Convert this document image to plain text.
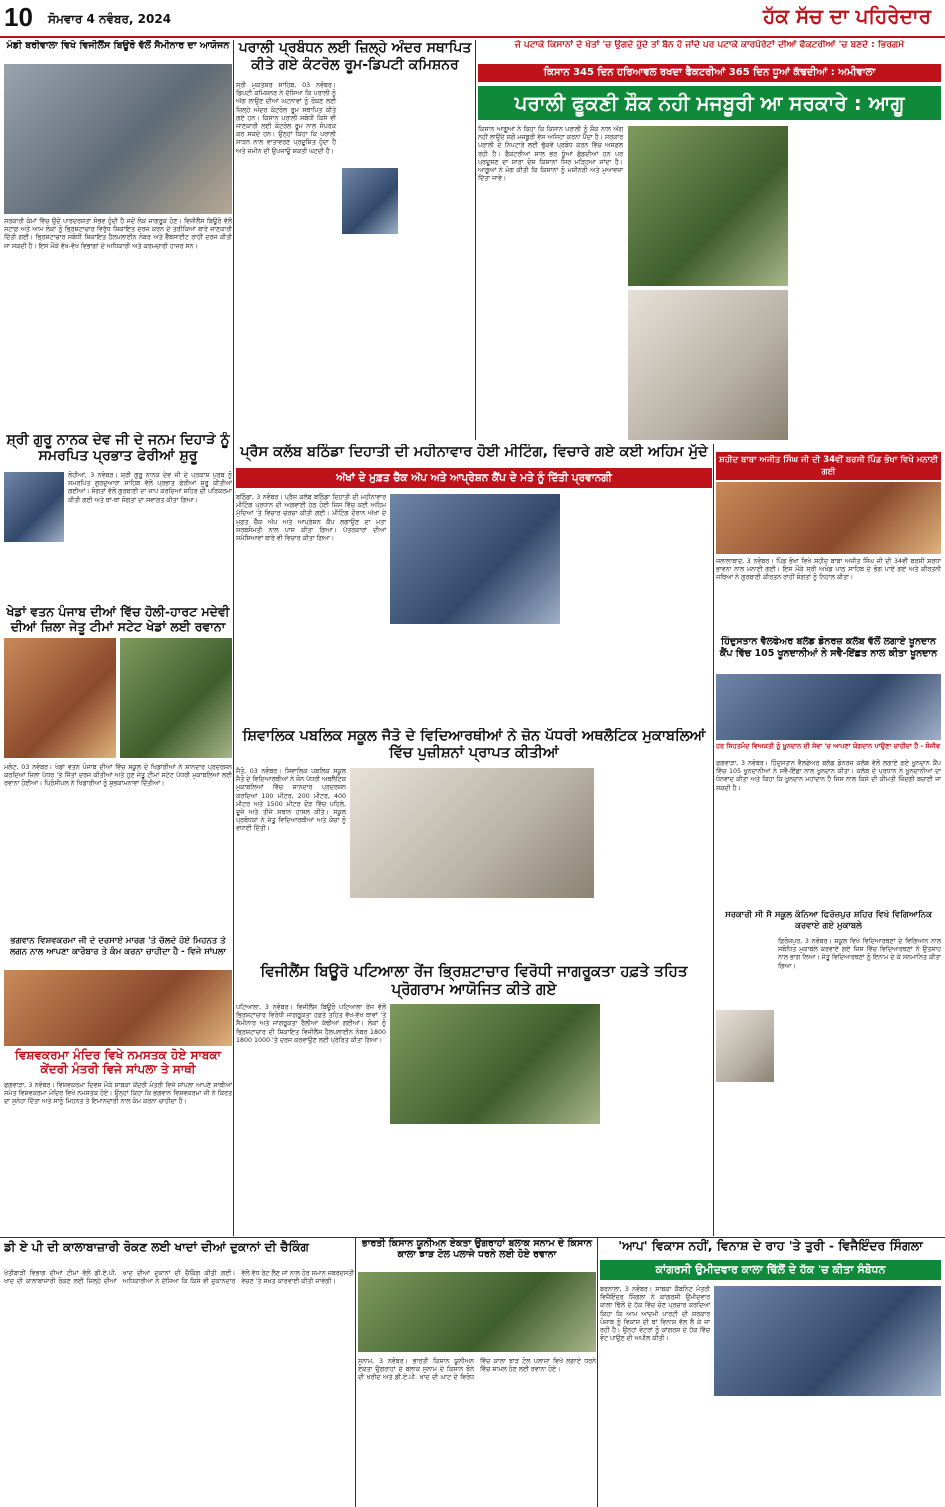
10 ਸੋਮਵਾਰ 4 ਨਵੰਬਰ, 2024	ਹੱਕ ਸੱਚ ਦਾ ਪਹਿਰੇਦਾਰ
ਮੰਡੀ ਬਰੀਵਾਲਾ ਵਿਖੇ ਵਿਜੀਲੈਂਸ ਬਿਊਰੋ ਵੱਲੋਂ ਸੈਮੀਨਾਰ ਦਾ ਆਯੋਜਨ
ਸਰਕਾਰੀ ਕੰਮਾਂ ਵਿੱਚ ਉਦੋਂ ਪਾਰਦਰਸ਼ਤਾ ਸੰਭਵ ਹੁੰਦੀ ਹੈ ਜਦੋਂ ਲੋਕ ਜਾਗਰੂਕ ਹੋਣ। ਵਿਜੀਲੈਂਸ ਬਿਊਰੋ ਵੱਲੋਂ ਸਟਾਫ਼ ਅਤੇ ਆਮ ਲੋਕਾਂ ਨੂੰ ਭ੍ਰਿਸ਼ਟਾਚਾਰ ਵਿਰੁੱਧ ਸ਼ਿਕਾਇਤ ਦਰਜ ਕਰਨ ਦੇ ਤਰੀਕਿਆਂ ਬਾਰੇ ਜਾਣਕਾਰੀ ਦਿੱਤੀ ਗਈ। ਭ੍ਰਿਸ਼ਟਾਚਾਰ ਸਬੰਧੀ ਸ਼ਿਕਾਇਤ ਹੈਲਪਲਾਈਨ ਨੰਬਰ ਅਤੇ ਵੈੱਬਸਾਈਟ ਰਾਹੀਂ ਦਰਜ ਕੀਤੀ ਜਾ ਸਕਦੀ ਹੈ। ਇਸ ਮੌਕੇ ਵੱਖ-ਵੱਖ ਵਿਭਾਗਾਂ ਦੇ ਅਧਿਕਾਰੀ ਅਤੇ ਕਰਮਚਾਰੀ ਹਾਜ਼ਰ ਸਨ।
ਪਰਾਲੀ ਪ੍ਰਬੰਧਨ ਲਈ ਜ਼ਿਲ੍ਹੇ ਅੰਦਰ ਸਥਾਪਿਤ ਕੀਤੇ ਗਏ ਕੰਟਰੋਲ ਰੂਮ-ਡਿਪਟੀ ਕਮਿਸ਼ਨਰ
ਸ੍ਰੀ ਮੁਕਤਸਰ ਸਾਹਿਬ, 03 ਨਵੰਬਰ। ਡਿਪਟੀ ਕਮਿਸ਼ਨਰ ਨੇ ਦੱਸਿਆ ਕਿ ਪਰਾਲੀ ਨੂੰ ਅੱਗ ਲਾਉਣ ਦੀਆਂ ਘਟਨਾਵਾਂ ਨੂੰ ਰੋਕਣ ਲਈ ਜ਼ਿਲ੍ਹੇ ਅੰਦਰ ਕੰਟਰੋਲ ਰੂਮ ਸਥਾਪਿਤ ਕੀਤੇ ਗਏ ਹਨ। ਕਿਸਾਨ ਪਰਾਲੀ ਸਬੰਧੀ ਕਿਸੇ ਵੀ ਜਾਣਕਾਰੀ ਲਈ ਕੰਟਰੋਲ ਰੂਮ ਨਾਲ ਸੰਪਰਕ ਕਰ ਸਕਦੇ ਹਨ। ਉਨ੍ਹਾਂ ਕਿਹਾ ਕਿ ਪਰਾਲੀ ਸਾੜਨ ਨਾਲ ਵਾਤਾਵਰਣ ਪ੍ਰਦੂਸ਼ਿਤ ਹੁੰਦਾ ਹੈ ਅਤੇ ਜ਼ਮੀਨ ਦੀ ਉਪਜਾਊ ਸ਼ਕਤੀ ਘਟਦੀ ਹੈ।
ਜੇ ਪਟਾਕੇ ਕਿਸਾਨਾਂ ਦੇ ਖੇਤਾਂ 'ਚ ਉਗਦੇ ਹੁੰਦੇ ਤਾਂ ਬੈਨ ਹੋ ਜਾਂਦੇ ਪਰ ਪਟਾਕੇ ਕਾਰਪੋਰੇਟਾਂ ਦੀਆਂ ਫੈਕਟਰੀਆਂ 'ਚ ਬਣਦੇ : ਭਿਰਗਮੇ
ਕਿਸਾਨ 345 ਦਿਨ ਹਰਿਆਵਲ ਰਖਦਾ ਫੈਕਟਰੀਆਂ 365 ਦਿਨ ਧੂਆਂ ਕੱਢਦੀਆਂ : ਅਮੀਵਾਲਾ
ਪਰਾਲੀ ਫੂਕਣੀ ਸ਼ੌਕ ਨਹੀ ਮਜਬੂਰੀ ਆ ਸਰਕਾਰੇ : ਆਗੂ
ਕਿਸਾਨ ਆਗੂਆਂ ਨੇ ਕਿਹਾ ਕਿ ਕਿਸਾਨ ਪਰਾਲੀ ਨੂੰ ਸ਼ੌਕ ਨਾਲ ਅੱਗ ਨਹੀਂ ਲਾਉਂਦੇ ਸਗੋਂ ਮਜਬੂਰੀ ਵੱਸ ਅਜਿਹਾ ਕਰਨਾ ਪੈਂਦਾ ਹੈ। ਸਰਕਾਰ ਪਰਾਲੀ ਦੇ ਨਿਪਟਾਰੇ ਲਈ ਢੁੱਕਵੇਂ ਪ੍ਰਬੰਧ ਕਰਨ ਵਿੱਚ ਅਸਫ਼ਲ ਰਹੀ ਹੈ। ਫੈਕਟਰੀਆਂ ਸਾਲ ਭਰ ਧੂੰਆਂ ਛੱਡਦੀਆਂ ਹਨ ਪਰ ਪ੍ਰਦੂਸ਼ਣ ਦਾ ਸਾਰਾ ਦੋਸ਼ ਕਿਸਾਨਾਂ ਸਿਰ ਮੜ੍ਹਿਆ ਜਾਂਦਾ ਹੈ। ਆਗੂਆਂ ਨੇ ਮੰਗ ਕੀਤੀ ਕਿ ਕਿਸਾਨਾਂ ਨੂੰ ਮਸ਼ੀਨਰੀ ਅਤੇ ਮੁਆਵਜ਼ਾ ਦਿੱਤਾ ਜਾਵੇ।
ਸ਼੍ਰੀ ਗੁਰੂ ਨਾਨਕ ਦੇਵ ਜੀ ਦੇ ਜਨਮ ਦਿਹਾੜੇ ਨੂੰ ਸਮਰਪਿਤ ਪ੍ਰਭਾਤ ਫੇਰੀਆਂ ਸ਼ੁਰੂ
ਲੋਹੀਆਂ, 3 ਨਵੰਬਰ। ਸ਼੍ਰੀ ਗੁਰੂ ਨਾਨਕ ਦੇਵ ਜੀ ਦੇ ਪ੍ਰਕਾਸ਼ ਪੁਰਬ ਨੂੰ ਸਮਰਪਿਤ ਗੁਰਦੁਆਰਾ ਸਾਹਿਬ ਵੱਲੋਂ ਪ੍ਰਭਾਤ ਫੇਰੀਆਂ ਸ਼ੁਰੂ ਕੀਤੀਆਂ ਗਈਆਂ। ਸੰਗਤਾਂ ਵੱਲੋਂ ਗੁਰਬਾਣੀ ਦਾ ਜਾਪ ਕਰਦਿਆਂ ਸ਼ਹਿਰ ਦੀ ਪਰਿਕਰਮਾ ਕੀਤੀ ਗਈ ਅਤੇ ਥਾਂ-ਥਾਂ ਸੰਗਤਾਂ ਦਾ ਸਵਾਗਤ ਕੀਤਾ ਗਿਆ।
ਖੇਡਾਂ ਵਤਨ ਪੰਜਾਬ ਦੀਆਂ ਵਿੱਚ ਹੋਲੀ-ਹਾਰਟ ਮਦੇਵੀ ਦੀਆਂ ਜ਼ਿਲਾ ਜੇਤੂ ਟੀਮਾਂ ਸਟੇਟ ਖੇਡਾਂ ਲਈ ਰਵਾਨਾ
ਮਲੋਟ, 03 ਨਵੰਬਰ। ਖੇਡਾਂ ਵਤਨ ਪੰਜਾਬ ਦੀਆਂ ਵਿੱਚ ਸਕੂਲ ਦੇ ਖਿਡਾਰੀਆਂ ਨੇ ਸ਼ਾਨਦਾਰ ਪ੍ਰਦਰਸ਼ਨ ਕਰਦਿਆਂ ਜ਼ਿਲਾ ਪੱਧਰ 'ਤੇ ਜਿੱਤਾਂ ਦਰਜ ਕੀਤੀਆਂ ਅਤੇ ਹੁਣ ਜੇਤੂ ਟੀਮਾਂ ਸਟੇਟ ਪੱਧਰੀ ਮੁਕਾਬਲਿਆਂ ਲਈ ਰਵਾਨਾ ਹੋਈਆਂ। ਪ੍ਰਿੰਸੀਪਲ ਨੇ ਖਿਡਾਰੀਆਂ ਨੂੰ ਸ਼ੁਭਕਾਮਨਾਵਾਂ ਦਿੱਤੀਆਂ।
ਭਗਵਾਨ ਵਿਸ਼ਵਕਰਮਾ ਜੀ ਦੇ ਦਰਸਾਏ ਮਾਰਗ 'ਤੇ ਚੱਲਦੇ ਹੋਏ ਮਿਹਨਤ ਤੇ ਲਗਨ ਨਾਲ ਆਪਣਾ ਕਾਰੋਬਾਰ ਤੇ ਕੰਮ ਕਰਨਾ ਚਾਹੀਦਾ ਹੈ - ਵਿਜੇ ਸਾਂਪਲਾ
ਵਿਸ਼ਵਕਰਮਾ ਮੰਦਿਰ ਵਿਖੇ ਨਮਸਤਕ ਹੋਏ ਸਾਬਕਾ ਕੇਂਦਰੀ ਮੰਤਰੀ ਵਿਜੇ ਸਾਂਪਲਾ ਤੇ ਸਾਥੀ
ਫਗਵਾੜਾ, 3 ਨਵੰਬਰ। ਵਿਸ਼ਵਕਰਮਾ ਦਿਵਸ ਮੌਕੇ ਸਾਬਕਾ ਕੇਂਦਰੀ ਮੰਤਰੀ ਵਿਜੇ ਸਾਂਪਲਾ ਆਪਣੇ ਸਾਥੀਆਂ ਸਮੇਤ ਵਿਸ਼ਵਕਰਮਾ ਮੰਦਿਰ ਵਿਖੇ ਨਮਸਤਕ ਹੋਏ। ਉਨ੍ਹਾਂ ਕਿਹਾ ਕਿ ਭਗਵਾਨ ਵਿਸ਼ਵਕਰਮਾ ਜੀ ਨੇ ਕਿਰਤ ਦਾ ਸੁਨੇਹਾ ਦਿੱਤਾ ਅਤੇ ਸਾਨੂੰ ਮਿਹਨਤ ਤੇ ਇਮਾਨਦਾਰੀ ਨਾਲ ਕੰਮ ਕਰਨਾ ਚਾਹੀਦਾ ਹੈ।
ਡੀ ਏ ਪੀ ਦੀ ਕਾਲਾਬਾਜ਼ਾਰੀ ਰੋਕਣ ਲਈ ਖਾਦਾਂ ਦੀਆਂ ਦੁਕਾਨਾਂ ਦੀ ਚੈਕਿੰਗ
ਖੇਤੀਬਾੜੀ ਵਿਭਾਗ ਦੀਆਂ ਟੀਮਾਂ ਵੱਲੋਂ ਡੀ.ਏ.ਪੀ. ਖਾਦ ਦੀ ਕਾਲਾਬਾਜ਼ਾਰੀ ਰੋਕਣ ਲਈ ਜ਼ਿਲ੍ਹੇ ਦੀਆਂ ਖਾਦ ਦੀਆਂ ਦੁਕਾਨਾਂ ਦੀ ਚੈਕਿੰਗ ਕੀਤੀ ਗਈ। ਅਧਿਕਾਰੀਆਂ ਨੇ ਦੱਸਿਆ ਕਿ ਕਿਸੇ ਵੀ ਦੁਕਾਨਦਾਰ ਵੱਲੋਂ ਵੱਧ ਰੇਟ ਲੈਣ ਜਾਂ ਨਾਲ ਹੋਰ ਸਮਾਨ ਜ਼ਬਰਦਸਤੀ ਵੇਚਣ 'ਤੇ ਸਖ਼ਤ ਕਾਰਵਾਈ ਕੀਤੀ ਜਾਵੇਗੀ।
ਪ੍ਰੈਸ ਕਲੱਬ ਬਠਿੰਡਾ ਦਿਹਾਤੀ ਦੀ ਮਹੀਨਾਵਾਰ ਹੋਈ ਮੀਟਿੰਗ, ਵਿਚਾਰੇ ਗਏ ਕਈ ਅਹਿਮ ਮੁੱਦੇ
ਅੱਖਾਂ ਦੇ ਮੁਫ਼ਤ ਚੈੱਕ ਅੱਪ ਅਤੇ ਆਪ੍ਰੇਸ਼ਨ ਕੈਂਪ ਦੇ ਮਤੇ ਨੂੰ ਦਿੱਤੀ ਪ੍ਰਵਾਨਗੀ
ਬਠਿੰਡਾ, 3 ਨਵੰਬਰ। ਪ੍ਰੈਸ ਕਲੱਬ ਬਠਿੰਡਾ ਦਿਹਾਤੀ ਦੀ ਮਹੀਨਾਵਾਰ ਮੀਟਿੰਗ ਪ੍ਰਧਾਨ ਦੀ ਅਗਵਾਈ ਹੇਠ ਹੋਈ ਜਿਸ ਵਿੱਚ ਕਈ ਅਹਿਮ ਮੁੱਦਿਆਂ 'ਤੇ ਵਿਚਾਰ ਚਰਚਾ ਕੀਤੀ ਗਈ। ਮੀਟਿੰਗ ਦੌਰਾਨ ਅੱਖਾਂ ਦੇ ਮੁਫ਼ਤ ਚੈੱਕ ਅੱਪ ਅਤੇ ਆਪ੍ਰੇਸ਼ਨ ਕੈਂਪ ਲਗਾਉਣ ਦਾ ਮਤਾ ਸਰਬਸੰਮਤੀ ਨਾਲ ਪਾਸ ਕੀਤਾ ਗਿਆ। ਪੱਤਰਕਾਰਾਂ ਦੀਆਂ ਸਮੱਸਿਆਵਾਂ ਬਾਰੇ ਵੀ ਵਿਚਾਰ ਕੀਤਾ ਗਿਆ।
ਸ਼ਿਵਾਲਿਕ ਪਬਲਿਕ ਸਕੂਲ ਜੈਤੋ ਦੇ ਵਿਦਿਆਰਥੀਆਂ ਨੇ ਜ਼ੋਨ ਪੱਧਰੀ ਅਥਲੈਟਿਕ ਮੁਕਾਬਲਿਆਂ ਵਿੱਚ ਪੁਜ਼ੀਸ਼ਨਾਂ ਪ੍ਰਾਪਤ ਕੀਤੀਆਂ
ਜੈਤੋ, 03 ਨਵੰਬਰ। ਸ਼ਿਵਾਲਿਕ ਪਬਲਿਕ ਸਕੂਲ ਜੈਤੋ ਦੇ ਵਿਦਿਆਰਥੀਆਂ ਨੇ ਜ਼ੋਨ ਪੱਧਰੀ ਅਥਲੈਟਿਕ ਮੁਕਾਬਲਿਆਂ ਵਿੱਚ ਸ਼ਾਨਦਾਰ ਪ੍ਰਦਰਸ਼ਨ ਕਰਦਿਆਂ 100 ਮੀਟਰ, 200 ਮੀਟਰ, 400 ਮੀਟਰ ਅਤੇ 1500 ਮੀਟਰ ਦੌੜ ਵਿੱਚ ਪਹਿਲੇ, ਦੂਜੇ ਅਤੇ ਤੀਜੇ ਸਥਾਨ ਹਾਸਲ ਕੀਤੇ। ਸਕੂਲ ਪ੍ਰਬੰਧਕਾਂ ਨੇ ਜੇਤੂ ਵਿਦਿਆਰਥੀਆਂ ਅਤੇ ਕੋਚਾਂ ਨੂੰ ਵਧਾਈ ਦਿੱਤੀ।
ਵਿਜੀਲੈਂਸ ਬਿਊਰੋ ਪਟਿਆਲਾ ਰੇਂਜ ਭ੍ਰਿਸ਼ਟਾਚਾਰ ਵਿਰੋਧੀ ਜਾਗਰੂਕਤਾ ਹਫ਼ਤੇ ਤਹਿਤ ਪ੍ਰੋਗਰਾਮ ਆਯੋਜਿਤ ਕੀਤੇ ਗਏ
ਪਟਿਆਲਾ, 3 ਨਵੰਬਰ। ਵਿਜੀਲੈਂਸ ਬਿਊਰੋ ਪਟਿਆਲਾ ਰੇਂਜ ਵੱਲੋਂ ਭ੍ਰਿਸ਼ਟਾਚਾਰ ਵਿਰੋਧੀ ਜਾਗਰੂਕਤਾ ਹਫ਼ਤੇ ਤਹਿਤ ਵੱਖ-ਵੱਖ ਥਾਵਾਂ 'ਤੇ ਸੈਮੀਨਾਰ ਅਤੇ ਜਾਗਰੂਕਤਾ ਰੈਲੀਆਂ ਕੱਢੀਆਂ ਗਈਆਂ। ਲੋਕਾਂ ਨੂੰ ਭ੍ਰਿਸ਼ਟਾਚਾਰ ਦੀ ਸ਼ਿਕਾਇਤ ਵਿਜੀਲੈਂਸ ਹੈਲਪਲਾਈਨ ਨੰਬਰ 1800 1800 1000 'ਤੇ ਦਰਜ ਕਰਵਾਉਣ ਲਈ ਪ੍ਰੇਰਿਤ ਕੀਤਾ ਗਿਆ।
ਭਾਰਤੀ ਕਿਸਾਨ ਯੂਨੀਅਨ ਏਕਤਾ ਉਗਰਾਹਾਂ ਬਲਾਕ ਸਨਾਮ ਦੇ ਕਿਸਾਨ ਕਾਲਾ ਝਾੜ ਟੋਲ ਪਲਾਜੇ ਧਰਨੇ ਲਈ ਹੋਏ ਰਵਾਨਾ
ਸੁਨਾਮ, 3 ਨਵੰਬਰ। ਭਾਰਤੀ ਕਿਸਾਨ ਯੂਨੀਅਨ ਏਕਤਾ ਉਗਰਾਹਾਂ ਦੇ ਬਲਾਕ ਸੁਨਾਮ ਦੇ ਕਿਸਾਨ ਝੋਨੇ ਦੀ ਖਰੀਦ ਅਤੇ ਡੀ.ਏ.ਪੀ. ਖਾਦ ਦੀ ਘਾਟ ਦੇ ਵਿਰੋਧ ਵਿੱਚ ਕਾਲਾ ਝਾੜ ਟੋਲ ਪਲਾਜ਼ਾ ਵਿਖੇ ਲਗਾਏ ਧਰਨੇ ਵਿੱਚ ਸ਼ਾਮਲ ਹੋਣ ਲਈ ਰਵਾਨਾ ਹੋਏ।
ਸ਼ਹੀਦ ਬਾਬਾ ਅਜੀਤ ਸਿੰਘ ਜੀ ਦੀ 34ਵੀਂ ਬਰਸੀ ਪਿੰਡ ਭੋਖਾ ਵਿਖੇ ਮਨਾਈ ਗਈ
ਜਲਾਲਾਬਾਦ, 3 ਨਵੰਬਰ। ਪਿੰਡ ਭੋਖਾ ਵਿਖੇ ਸ਼ਹੀਦ ਬਾਬਾ ਅਜੀਤ ਸਿੰਘ ਜੀ ਦੀ 34ਵੀਂ ਬਰਸੀ ਸ਼ਰਧਾ ਭਾਵਨਾ ਨਾਲ ਮਨਾਈ ਗਈ। ਇਸ ਮੌਕੇ ਸ੍ਰੀ ਅਖੰਡ ਪਾਠ ਸਾਹਿਬ ਦੇ ਭੋਗ ਪਾਏ ਗਏ ਅਤੇ ਕੀਰਤਨੀ ਜਥਿਆਂ ਨੇ ਗੁਰਬਾਣੀ ਕੀਰਤਨ ਰਾਹੀਂ ਸੰਗਤਾਂ ਨੂੰ ਨਿਹਾਲ ਕੀਤਾ।
ਹਿੰਦੁਸਤਾਨ ਵੈਲਫੇਅਰ ਬਲੱਡ ਡੋਨਰਜ਼ ਕਲੱਬ ਵੱਲੋਂ ਲਗਾਏ ਖੂਨਦਾਨ ਕੈਂਪ ਵਿੱਚ 105 ਖੂਨਦਾਨੀਆਂ ਨੇ ਸਵੈ-ਇੱਛਤ ਨਾਲ ਕੀਤਾ ਖੂਨਦਾਨ
ਹਰ ਸਿਹਤਮੰਦ ਵਿਅਕਤੀ ਨੂੰ ਖੂਨਦਾਨ ਦੀ ਸੇਵਾ 'ਚ ਆਪਣਾ ਯੋਗਦਾਨ ਪਾਉਣਾ ਚਾਹੀਦਾ ਹੈ - ਸੰਜੀਵ
ਫਗਵਾੜਾ, 3 ਨਵੰਬਰ। ਹਿੰਦੁਸਤਾਨ ਵੈਲਫੇਅਰ ਬਲੱਡ ਡੋਨਰਜ਼ ਕਲੱਬ ਵੱਲੋਂ ਲਗਾਏ ਗਏ ਖੂਨਦਾਨ ਕੈਂਪ ਵਿੱਚ 105 ਖੂਨਦਾਨੀਆਂ ਨੇ ਸਵੈ-ਇੱਛਾ ਨਾਲ ਖੂਨਦਾਨ ਕੀਤਾ। ਕਲੱਬ ਦੇ ਪ੍ਰਧਾਨ ਨੇ ਖੂਨਦਾਨੀਆਂ ਦਾ ਧੰਨਵਾਦ ਕੀਤਾ ਅਤੇ ਕਿਹਾ ਕਿ ਖੂਨਦਾਨ ਮਹਾਂਦਾਨ ਹੈ ਜਿਸ ਨਾਲ ਕਿਸੇ ਦੀ ਕੀਮਤੀ ਜ਼ਿੰਦਗੀ ਬਚਾਈ ਜਾ ਸਕਦੀ ਹੈ।
ਸਰਕਾਰੀ ਸੀ ਸੈ ਸਕੂਲ ਕੰਨਿਆ ਫਿਰੋਜ਼ਪੁਰ ਸ਼ਹਿਰ ਵਿਖੇ ਵਿਗਿਆਨਿਕ ਕਰਵਾਏ ਗਏ ਮੁਕਾਬਲੇ
ਫ਼ਿਰੋਜ਼ਪੁਰ, 3 ਨਵੰਬਰ। ਸਕੂਲ ਵਿਖੇ ਵਿਦਿਆਰਥਣਾਂ ਦੇ ਵਿਗਿਆਨ ਨਾਲ ਸਬੰਧਿਤ ਮੁਕਾਬਲੇ ਕਰਵਾਏ ਗਏ ਜਿਸ ਵਿੱਚ ਵਿਦਿਆਰਥਣਾਂ ਨੇ ਉਤਸ਼ਾਹ ਨਾਲ ਭਾਗ ਲਿਆ। ਜੇਤੂ ਵਿਦਿਆਰਥਣਾਂ ਨੂੰ ਇਨਾਮ ਦੇ ਕੇ ਸਨਮਾਨਿਤ ਕੀਤਾ ਗਿਆ।
'ਆਪ' ਵਿਕਾਸ ਨਹੀਂ, ਵਿਨਾਸ਼ ਦੇ ਰਾਹ 'ਤੇ ਤੁਰੀ - ਵਿਜੈਇੰਦਰ ਸਿੰਗਲਾ
ਕਾਂਗਰਸੀ ਉਮੀਦਵਾਰ ਕਾਲਾ ਢਿੱਲੋਂ ਦੇ ਹੱਕ 'ਚ ਕੀਤਾ ਸੰਬੋਧਨ
ਬਰਨਾਲਾ, 3 ਨਵੰਬਰ। ਸਾਬਕਾ ਕੈਬਨਿਟ ਮੰਤਰੀ ਵਿਜੈਇੰਦਰ ਸਿੰਗਲਾ ਨੇ ਕਾਂਗਰਸੀ ਉਮੀਦਵਾਰ ਕਾਲਾ ਢਿੱਲੋਂ ਦੇ ਹੱਕ ਵਿੱਚ ਚੋਣ ਪ੍ਰਚਾਰ ਕਰਦਿਆਂ ਕਿਹਾ ਕਿ ਆਮ ਆਦਮੀ ਪਾਰਟੀ ਦੀ ਸਰਕਾਰ ਪੰਜਾਬ ਨੂੰ ਵਿਕਾਸ ਦੀ ਥਾਂ ਵਿਨਾਸ਼ ਵੱਲ ਲੈ ਕੇ ਜਾ ਰਹੀ ਹੈ। ਉਨ੍ਹਾਂ ਵੋਟਰਾਂ ਨੂੰ ਕਾਂਗਰਸ ਦੇ ਹੱਕ ਵਿੱਚ ਵੋਟ ਪਾਉਣ ਦੀ ਅਪੀਲ ਕੀਤੀ।
